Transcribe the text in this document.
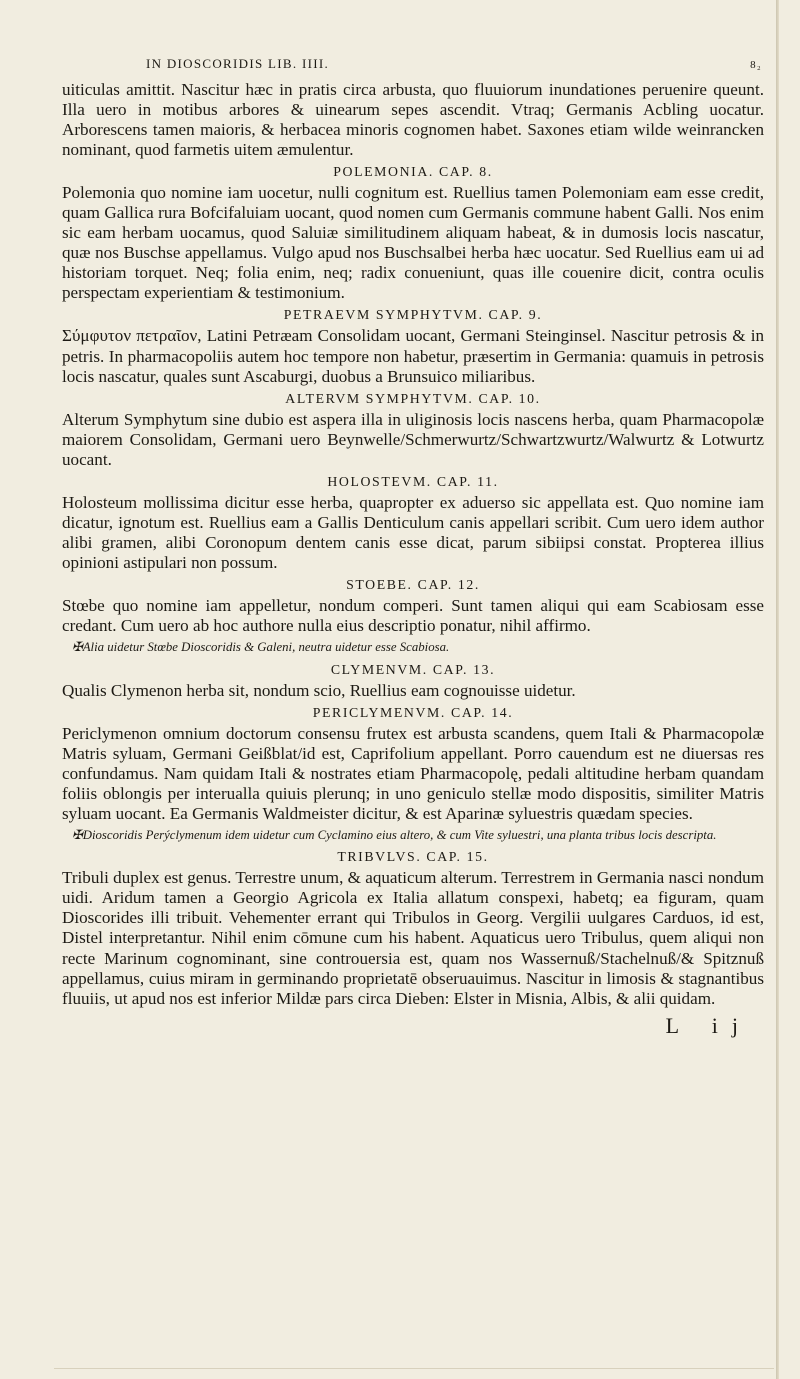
IN DIOSCORIDIS LIB. IIII.	8₂

uiticulas amittit. Nascitur hæc in pratis circa arbusta, quo fluuiorum inundationes peruenire queunt. Illa uero in motibus arbores & uinearum sepes ascendit. Vtraq; Germanis Acbling uocatur. Arborescens tamen maioris, & herbacea minoris cognomen habet. Saxones etiam wilde weinrancken nominant, quod farmetis uitem æmulentur.

POLEMONIA. CAP. 8.

Polemonia quo nomine iam uocetur, nulli cognitum est. Ruellius tamen Polemoniam eam esse credit, quam Gallica rura Bofcifaluiam uocant, quod nomen cum Germanis commune habent Galli. Nos enim sic eam herbam uocamus, quod Saluiæ similitudinem aliquam habeat, & in dumosis locis nascatur, quæ nos Buschse appellamus. Vulgo apud nos Buschsalbei herba hæc uocatur. Sed Ruellius eam ui ad historiam torquet. Neq; folia enim, neq; radix conueniunt, quas ille couenire dicit, contra oculis perspectam experientiam & testimonium.

PETRAEVM SYMPHYTVM. CAP. 9.

Σύμφυτον πετραῖον, Latini Petræam Consolidam uocant, Germani Steinginsel. Nascitur petrosis & in petris. In pharmacopoliis autem hoc tempore non habetur, præsertim in Germania: quamuis in petrosis locis nascatur, quales sunt Ascaburgi, duobus a Brunsuico miliaribus.

ALTERVM SYMPHYTVM. CAP. 10.

Alterum Symphytum sine dubio est aspera illa in uliginosis locis nascens herba, quam Pharmacopolæ maiorem Consolidam, Germani uero Beynwelle/Schmerwurtz/Schwartzwurtz/Walwurtz & Lotwurtz uocant.

HOLOSTEVM. CAP. 11.

Holosteum mollissima dicitur esse herba, quapropter ex aduerso sic appellata est. Quo nomine iam dicatur, ignotum est. Ruellius eam a Gallis Denticulum canis appellari scribit. Cum uero idem author alibi gramen, alibi Coronopum dentem canis esse dicat, parum sibiipsi constat. Propterea illius opinioni astipulari non possum.

STOEBE. CAP. 12.

Stœbe quo nomine iam appelletur, nondum comperi. Sunt tamen aliqui qui eam Scabiosam esse credant. Cum uero ab hoc authore nulla eius descriptio ponatur, nihil affirmo.

✠Alia uidetur Stœbe Dioscoridis & Galeni, neutra uidetur esse Scabiosa.
CLYMENVM. CAP. 13.

Qualis Clymenon herba sit, nondum scio, Ruellius eam cognouisse uidetur.

PERICLYMENVM. CAP. 14.

Periclymenon omnium doctorum consensu frutex est arbusta scandens, quem Itali & Pharmacopolæ Matris syluam, Germani Geißblat/id est, Caprifolium appellant. Porro cauendum est ne diuersas res confundamus. Nam quidam Itali & nostrates etiam Pharmacopolę, pedali altitudine herbam quandam foliis oblongis per interualla quiuis plerunq; in uno geniculo stellæ modo dispositis, similiter Matris syluam uocant. Ea Germanis Waldmeister dicitur, & est Aparinæ syluestris quædam species.

✠Dioscoridis Perýclymenum idem uidetur cum Cyclamino eius altero, & cum Vite syluestri, una planta tribus locis descripta.
TRIBVLVS. CAP. 15.

Tribuli duplex est genus. Terrestre unum, & aquaticum alterum. Terrestrem in Germania nasci nondum uidi. Aridum tamen a Georgio Agricola ex Italia allatum conspexi, habetq; ea figuram, quam Dioscorides illi tribuit. Vehementer errant qui Tribulos in Georg. Vergilii uulgares Carduos, id est, Distel interpretantur. Nihil enim cōmune cum his habent. Aquaticus uero Tribulus, quem aliqui non recte Marinum cognominant, sine controuersia est, quam nos Wassernuß/Stachelnuß/& Spitznuß appellamus, cuius miram in germinando proprietatē obseruauimus. Nascitur in limosis & stagnantibus fluuiis, ut apud nos est inferior Mildæ pars circa Dieben: Elster in Misnia, Albis, & alii quidam.

L ij
